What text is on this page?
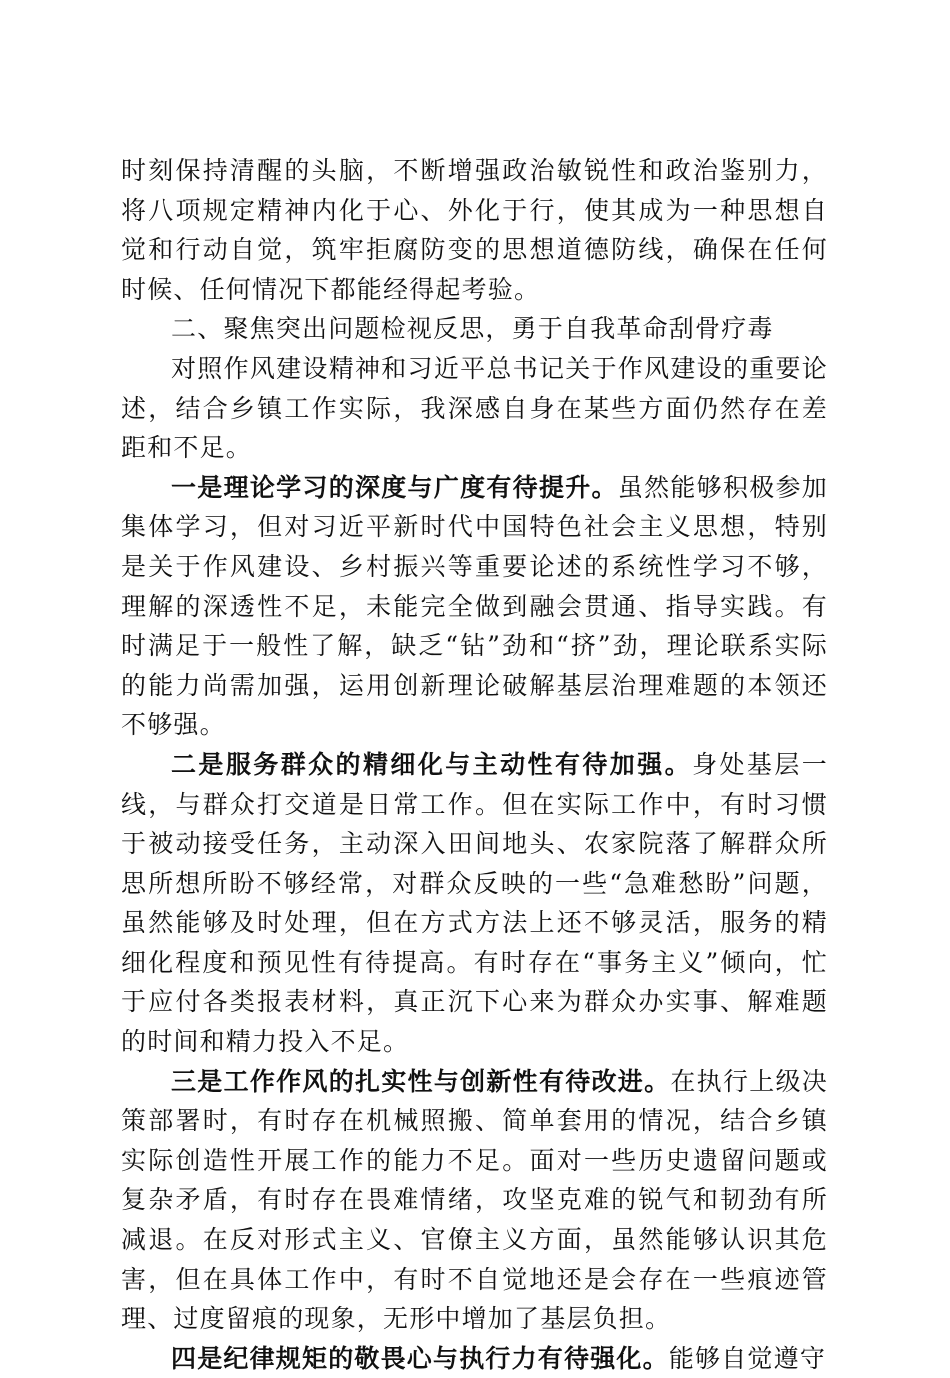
时刻保持清醒的头脑，不断增强政治敏锐性和政治鉴别力，将八项规定精神内化于心、外化于行，使其成为一种思想自觉和行动自觉，筑牢拒腐防变的思想道德防线，确保在任何时候、任何情况下都能经得起考验。

二、聚焦突出问题检视反思，勇于自我革命刮骨疗毒

对照作风建设精神和习近平总书记关于作风建设的重要论述，结合乡镇工作实际，我深感自身在某些方面仍然存在差距和不足。

一是理论学习的深度与广度有待提升。虽然能够积极参加集体学习，但对习近平新时代中国特色社会主义思想，特别是关于作风建设、乡村振兴等重要论述的系统性学习不够，理解的深透性不足，未能完全做到融会贯通、指导实践。有时满足于一般性了解，缺乏“钻”劲和“挤”劲，理论联系实际的能力尚需加强，运用创新理论破解基层治理难题的本领还不够强。

二是服务群众的精细化与主动性有待加强。身处基层一线，与群众打交道是日常工作。但在实际工作中，有时习惯于被动接受任务，主动深入田间地头、农家院落了解群众所思所想所盼不够经常，对群众反映的一些“急难愁盼”问题，虽然能够及时处理，但在方式方法上还不够灵活，服务的精细化程度和预见性有待提高。有时存在“事务主义”倾向，忙于应付各类报表材料，真正沉下心来为群众办实事、解难题的时间和精力投入不足。

三是工作作风的扎实性与创新性有待改进。在执行上级决策部署时，有时存在机械照搬、简单套用的情况，结合乡镇实际创造性开展工作的能力不足。面对一些历史遗留问题或复杂矛盾，有时存在畏难情绪，攻坚克难的锐气和韧劲有所减退。在反对形式主义、官僚主义方面，虽然能够认识其危害，但在具体工作中，有时不自觉地还是会存在一些痕迹管理、过度留痕的现象，无形中增加了基层负担。

四是纪律规矩的敬畏心与执行力有待强化。能够自觉遵守
